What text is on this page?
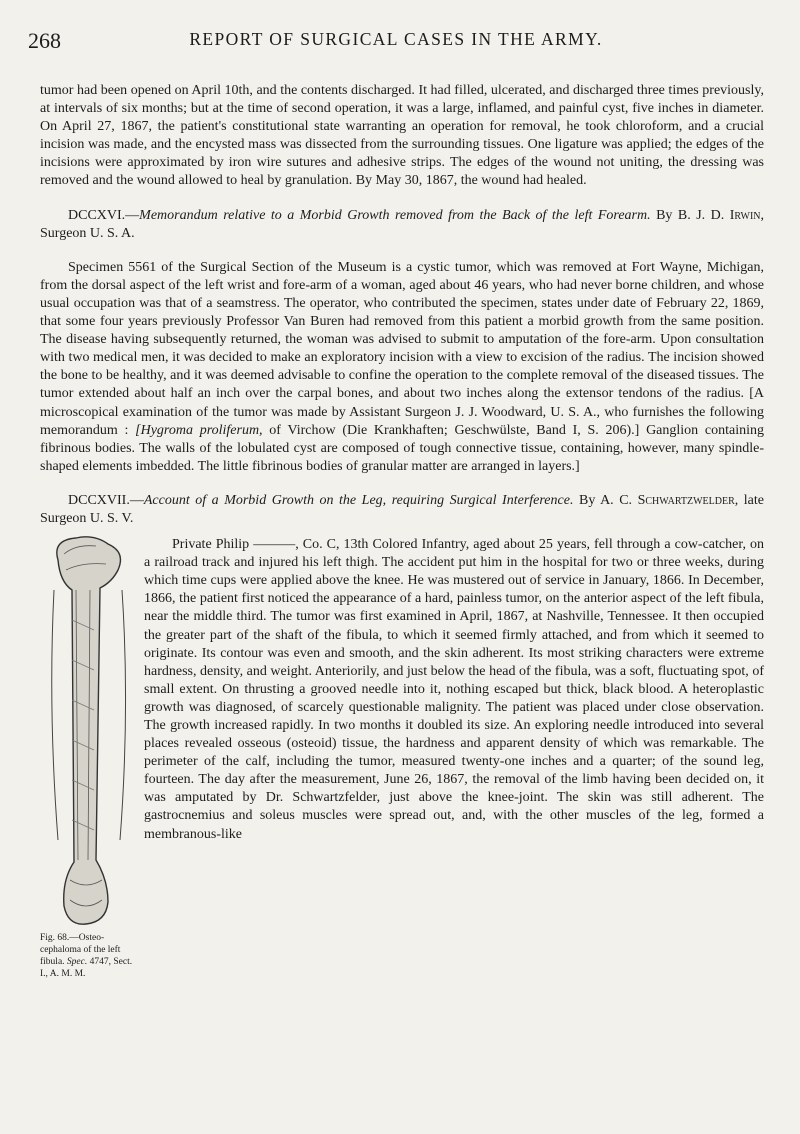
268	REPORT OF SURGICAL CASES IN THE ARMY.

tumor had been opened on April 10th, and the contents discharged. It had filled, ulcerated, and discharged three times previously, at intervals of six months; but at the time of second operation, it was a large, inflamed, and painful cyst, five inches in diameter. On April 27, 1867, the patient's constitutional state warranting an operation for removal, he took chloroform, and a crucial incision was made, and the encysted mass was dissected from the surrounding tissues. One ligature was applied; the edges of the incisions were approximated by iron wire sutures and adhesive strips. The edges of the wound not uniting, the dressing was removed and the wound allowed to heal by granulation. By May 30, 1867, the wound had healed.

DCCXVI.—Memorandum relative to a Morbid Growth removed from the Back of the left Forearm. By B. J. D. Irwin, Surgeon U. S. A.

Specimen 5561 of the Surgical Section of the Museum is a cystic tumor, which was removed at Fort Wayne, Michigan, from the dorsal aspect of the left wrist and fore-arm of a woman, aged about 46 years, who had never borne children, and whose usual occupation was that of a seamstress. The operator, who contributed the specimen, states under date of February 22, 1869, that some four years previously Professor Van Buren had removed from this patient a morbid growth from the same position. The disease having subsequently returned, the woman was advised to submit to amputation of the fore-arm. Upon consultation with two medical men, it was decided to make an exploratory incision with a view to excision of the radius. The incision showed the bone to be healthy, and it was deemed advisable to confine the operation to the complete removal of the diseased tissues. The tumor extended about half an inch over the carpal bones, and about two inches along the extensor tendons of the radius. [A microscopical examination of the tumor was made by Assistant Surgeon J. J. Woodward, U. S. A., who furnishes the following memorandum : [Hygroma proliferum, of Virchow (Die Krankhaften; Geschwülste, Band I, S. 206).] Ganglion containing fibrinous bodies. The walls of the lobulated cyst are composed of tough connective tissue, containing, however, many spindle-shaped elements imbedded. The little fibrinous bodies of granular matter are arranged in layers.]

DCCXVII.—Account of a Morbid Growth on the Leg, requiring Surgical Interference. By A. C. Schwartzwelder, late Surgeon U. S. V.

Fig. 68.—Osteo-cephaloma of the left fibula. Spec. 4747, Sect. I., A. M. M.

Private Philip ———, Co. C, 13th Colored Infantry, aged about 25 years, fell through a cow-catcher, on a railroad track and injured his left thigh. The accident put him in the hospital for two or three weeks, during which time cups were applied above the knee. He was mustered out of service in January, 1866. In December, 1866, the patient first noticed the appearance of a hard, painless tumor, on the anterior aspect of the left fibula, near the middle third. The tumor was first examined in April, 1867, at Nashville, Tennessee. It then occupied the greater part of the shaft of the fibula, to which it seemed firmly attached, and from which it seemed to originate. Its contour was even and smooth, and the skin adherent. Its most striking characters were extreme hardness, density, and weight. Anteriorily, and just below the head of the fibula, was a soft, fluctuating spot, of small extent. On thrusting a grooved needle into it, nothing escaped but thick, black blood. A heteroplastic growth was diagnosed, of scarcely questionable malignity. The patient was placed under close observation. The growth increased rapidly. In two months it doubled its size. An exploring needle introduced into several places revealed osseous (osteoid) tissue, the hardness and apparent density of which was remarkable. The perimeter of the calf, including the tumor, measured twenty-one inches and a quarter; of the sound leg, fourteen. The day after the measurement, June 26, 1867, the removal of the limb having been decided on, it was amputated by Dr. Schwartzfelder, just above the knee-joint. The skin was still adherent. The gastrocnemius and soleus muscles were spread out, and, with the other muscles of the leg, formed a membranous-like
